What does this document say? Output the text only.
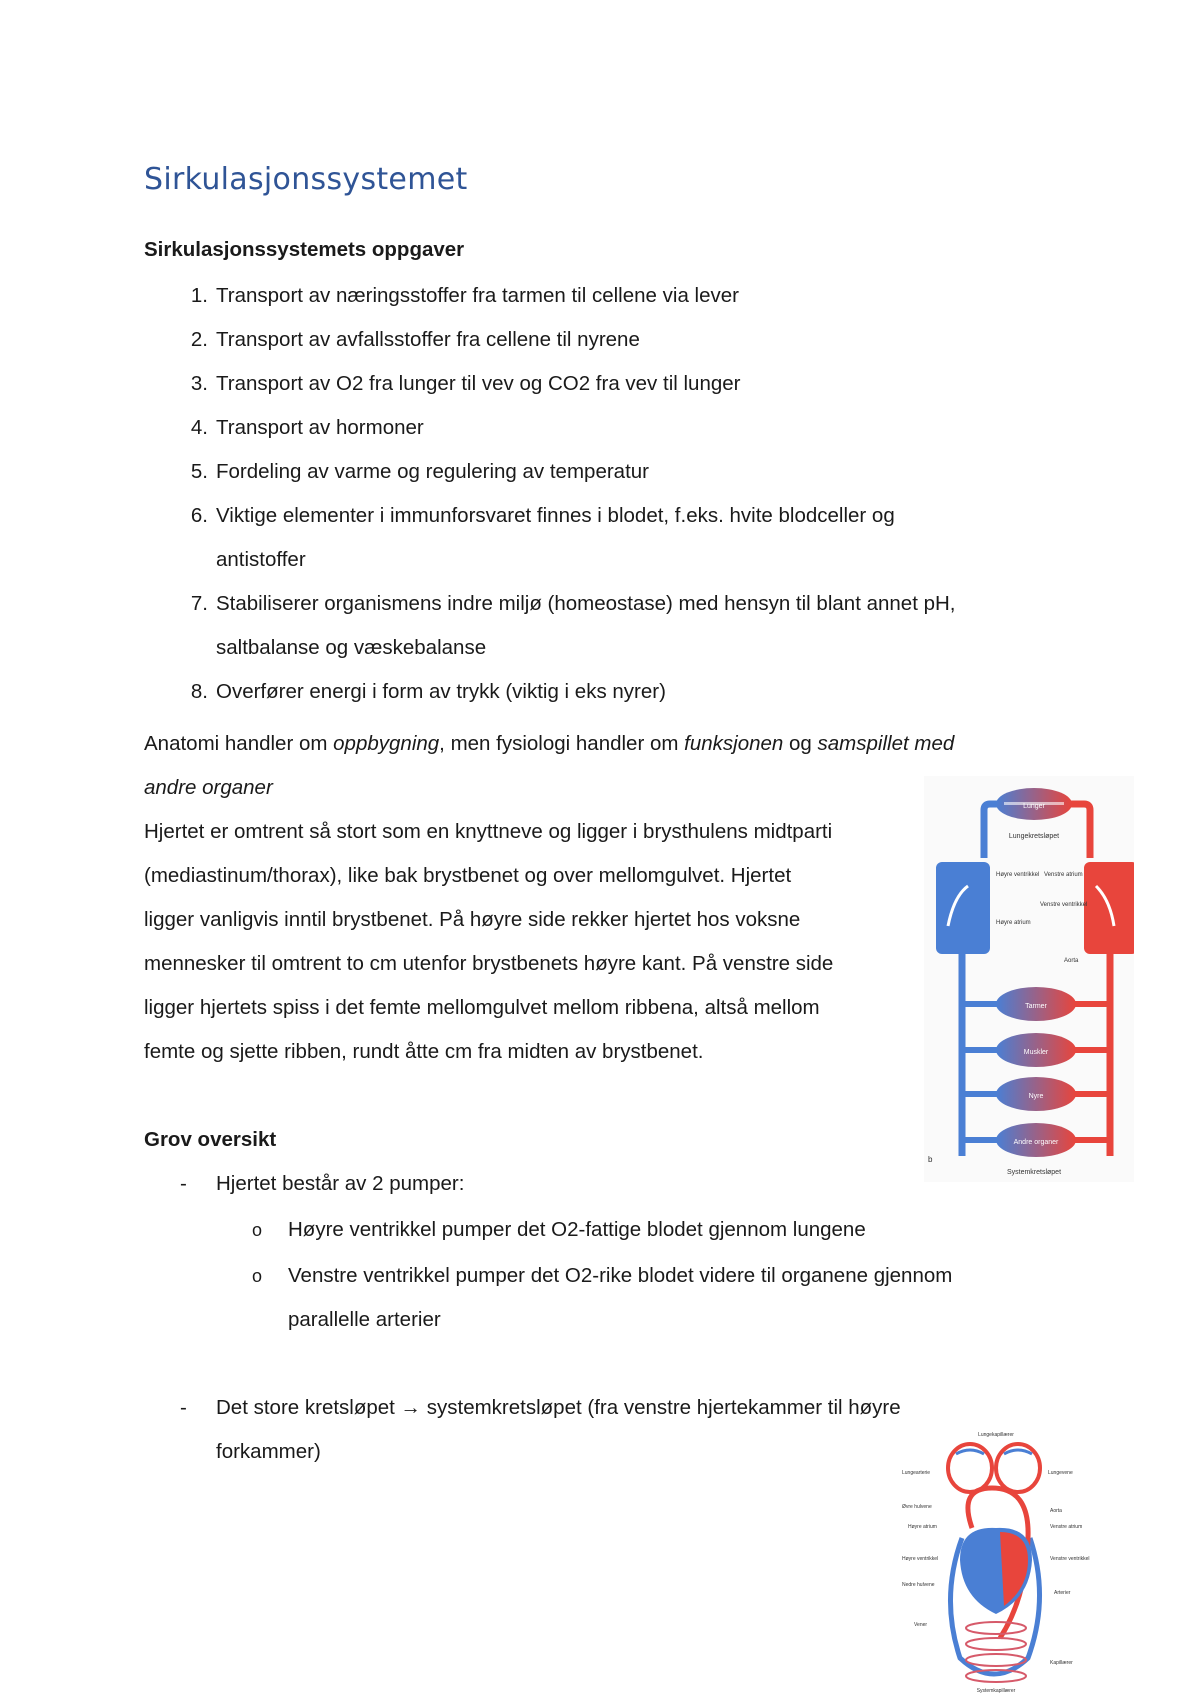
Sirkulasjonssystemet
Sirkulasjonssystemets oppgaver
1. Transport av næringsstoffer fra tarmen til cellene via lever
2. Transport av avfallsstoffer fra cellene til nyrene
3. Transport av O2 fra lunger til vev og CO2 fra vev til lunger
4. Transport av hormoner
5. Fordeling av varme og regulering av temperatur
6. Viktige elementer i immunforsvaret finnes i blodet, f.eks. hvite blodceller og
antistoffer
7. Stabiliserer organismens indre miljø (homeostase) med hensyn til blant annet pH,
saltbalanse og væskebalanse
8. Overfører energi i form av trykk (viktig i eks nyrer)
Anatomi handler om oppbygning, men fysiologi handler om funksjonen og samspillet med
andre organer
Hjertet er omtrent så stort som en knyttneve og ligger i brysthulens midtparti
(mediastinum/thorax), like bak brystbenet og over mellomgulvet. Hjertet
ligger vanligvis inntil brystbenet. På høyre side rekker hjertet hos voksne
mennesker til omtrent to cm utenfor brystbenets høyre kant. På venstre side
ligger hjertets spiss i det femte mellomgulvet mellom ribbena, altså mellom
femte og sjette ribben, rundt åtte cm fra midten av brystbenet.
Grov oversikt
- Hjertet består av 2 pumper:
o Høyre ventrikkel pumper det O2-fattige blodet gjennom lungene
o Venstre ventrikkel pumper det O2-rike blodet videre til organene gjennom
parallelle arterier
- Det store kretsløpet → systemkretsløpet (fra venstre hjertekammer til høyre
forkammer)
Lunger
Lungekretsløpet
Høyre ventrikkel Venstre atrium
Venstre ventrikkel
Høyre atrium
Aorta
Tarmer
Muskler
Nyre
Andre organer
Systemkretsløpet
b
Lungekapillærer
Lungearterie	Lungevene
Øvre hulvene
Aorta
Høyre atrium	Venstre atrium
Høyre ventrikkel	Venstre ventrikkel
Nedre hulvene
Arterier
Vener
Kapillærer
Systemkapillærer
